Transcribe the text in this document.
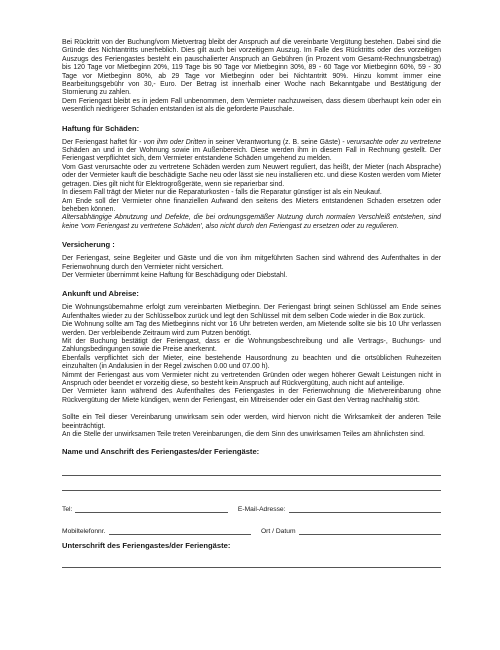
Bei Rücktritt von der Buchung/vom Mietvertrag bleibt der Anspruch auf die vereinbarte Vergütung bestehen. Dabei sind die Gründe des Nichtantritts unerheblich. Dies gilt auch bei vorzeitigem Auszug. Im Falle des Rücktritts oder des vorzeitigen Auszugs des Feriengastes besteht ein pauschalierter Anspruch an Gebühren (in Prozent vom Gesamt-Rechnungsbetrag) bis 120 Tage vor Mietbeginn 20%, 119 Tage bis 90 Tage vor Mietbeginn 30%, 89 - 60 Tage vor Mietbeginn 60%, 59 - 30 Tage vor Mietbeginn 80%, ab 29 Tage vor Mietbeginn oder bei Nichtantritt 90%. Hinzu kommt immer eine Bearbeitungsgebühr von 30,- Euro. Der Betrag ist innerhalb einer Woche nach Bekanntgabe und Bestätigung der Stornierung zu zahlen.

Dem Feriengast bleibt es in jedem Fall unbenommen, dem Vermieter nachzuweisen, dass diesem überhaupt kein oder ein wesentlich niedrigerer Schaden entstanden ist als die geforderte Pauschale.

Haftung für Schäden:

Der Feriengast haftet für - von ihm oder Dritten in seiner Verantwortung (z. B. seine Gäste) - verursachte oder zu vertretene Schäden an und in der Wohnung sowie im Außenbereich. Diese werden ihm in diesem Fall in Rechnung gestellt. Der Feriengast verpflichtet sich, dem Vermieter entstandene Schäden umgehend zu melden.

Vom Gast verursachte oder zu vertretene Schäden werden zum Neuwert reguliert, das heißt, der Mieter (nach Absprache) oder der Vermieter kauft die beschädigte Sache neu oder lässt sie neu installieren etc. und diese Kosten werden vom Mieter getragen. Dies gilt nicht für Elektrogroßgeräte, wenn sie reparierbar sind.

In diesem Fall trägt der Mieter nur die Reparaturkosten - falls die Reparatur günstiger ist als ein Neukauf.

Am Ende soll der Vermieter ohne finanziellen Aufwand den seitens des Mieters entstandenen Schaden ersetzen oder beheben können.

Altersabhängige Abnutzung und Defekte, die bei ordnungsgemäßer Nutzung durch normalen Verschleiß entstehen, sind keine 'vom Feriengast zu vertretene Schäden', also nicht durch den Feriengast zu ersetzen oder zu regulieren.

Versicherung :

Der Feriengast, seine Begleiter und Gäste und die von ihm mitgeführten Sachen sind während des Aufenthaltes in der Ferienwohnung durch den Vermieter nicht versichert.

Der Vermieter übernimmt keine Haftung für Beschädigung oder Diebstahl.

Ankunft und Abreise:

Die Wohnungsübernahme erfolgt zum vereinbarten Mietbeginn. Der Feriengast bringt seinen Schlüssel am Ende seines Aufenthaltes wieder zu der Schlüsselbox zurück und legt den Schlüssel mit dem selben Code wieder in die Box zurück.

Die Wohnung sollte am Tag des Mietbeginns nicht vor 16 Uhr betreten werden, am Mietende sollte sie bis 10 Uhr verlassen werden. Der verbleibende Zeitraum wird zum Putzen benötigt.

Mit der Buchung bestätigt der Feriengast, dass er die Wohnungsbeschreibung und alle Vertrags-, Buchungs- und Zahlungsbedingungen sowie die Preise anerkennt.

Ebenfalls verpflichtet sich der Mieter, eine bestehende Hausordnung zu beachten und die ortsüblichen Ruhezeiten einzuhalten (in Andalusien in der Regel zwischen 0.00 und 07.00 h).

Nimmt der Feriengast aus vom Vermieter nicht zu vertretenden Gründen oder wegen höherer Gewalt Leistungen nicht in Anspruch oder beendet er vorzeitig diese, so besteht kein Anspruch auf Rückvergütung, auch nicht auf anteilige.

Der Vermieter kann während des Aufenthaltes des Feriengastes in der Ferienwohnung die Mietvereinbarung ohne Rückvergütung der Miete kündigen, wenn der Feriengast, ein Mitreisender oder ein Gast den Vertrag nachhaltig stört.

Sollte ein Teil dieser Vereinbarung unwirksam sein oder werden, wird hiervon nicht die Wirksamkeit der anderen Teile beeinträchtigt.

An die Stelle der unwirksamen Teile treten Vereinbarungen, die dem Sinn des unwirksamen Teiles am ähnlichsten sind.

Name und Anschrift des Feriengastes/der Feriengäste:
Tel:	E-Mail-Adresse:
Mobiltelefonnr.	Ort / Datum
Unterschrift des Feriengastes/der Feriengäste:
